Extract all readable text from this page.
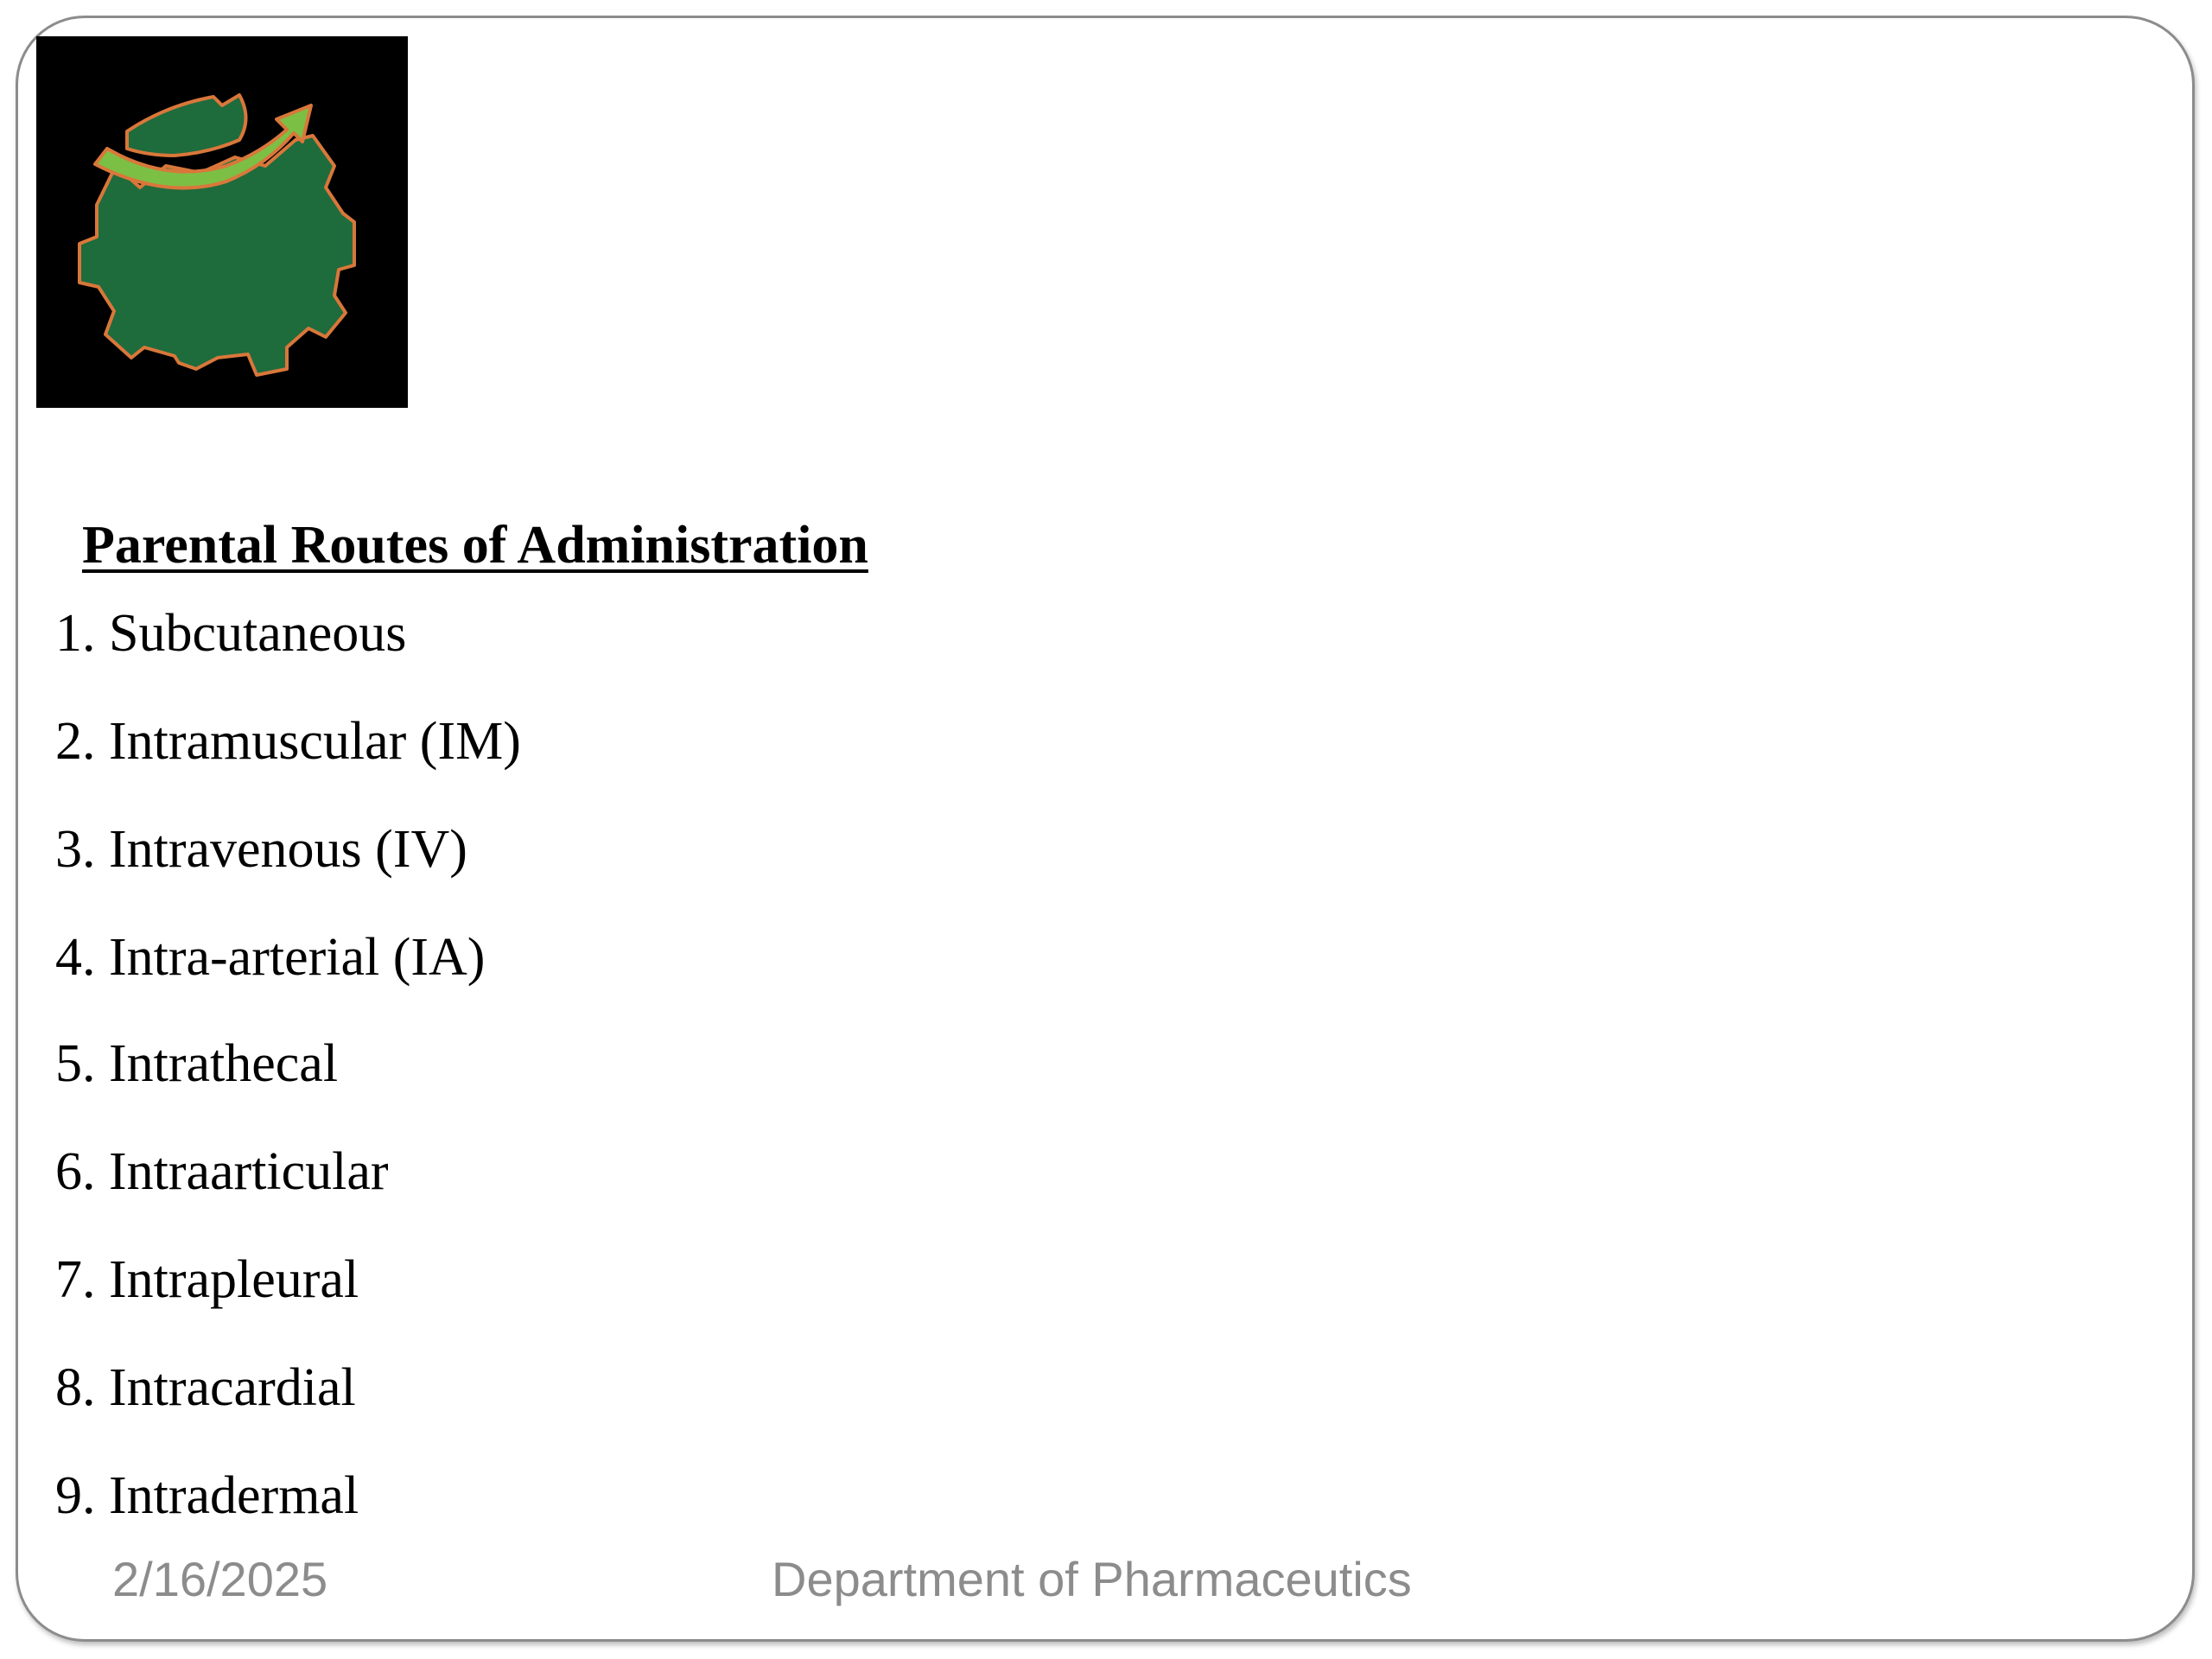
Parental Routes of Administration
1. Subcutaneous
2. Intramuscular (IM)
3. Intravenous (IV)
4. Intra-arterial (IA)
5. Intrathecal
6. Intraarticular
7. Intrapleural
8. Intracardial
9. Intradermal
2/16/2025	Department of Pharmaceutics
